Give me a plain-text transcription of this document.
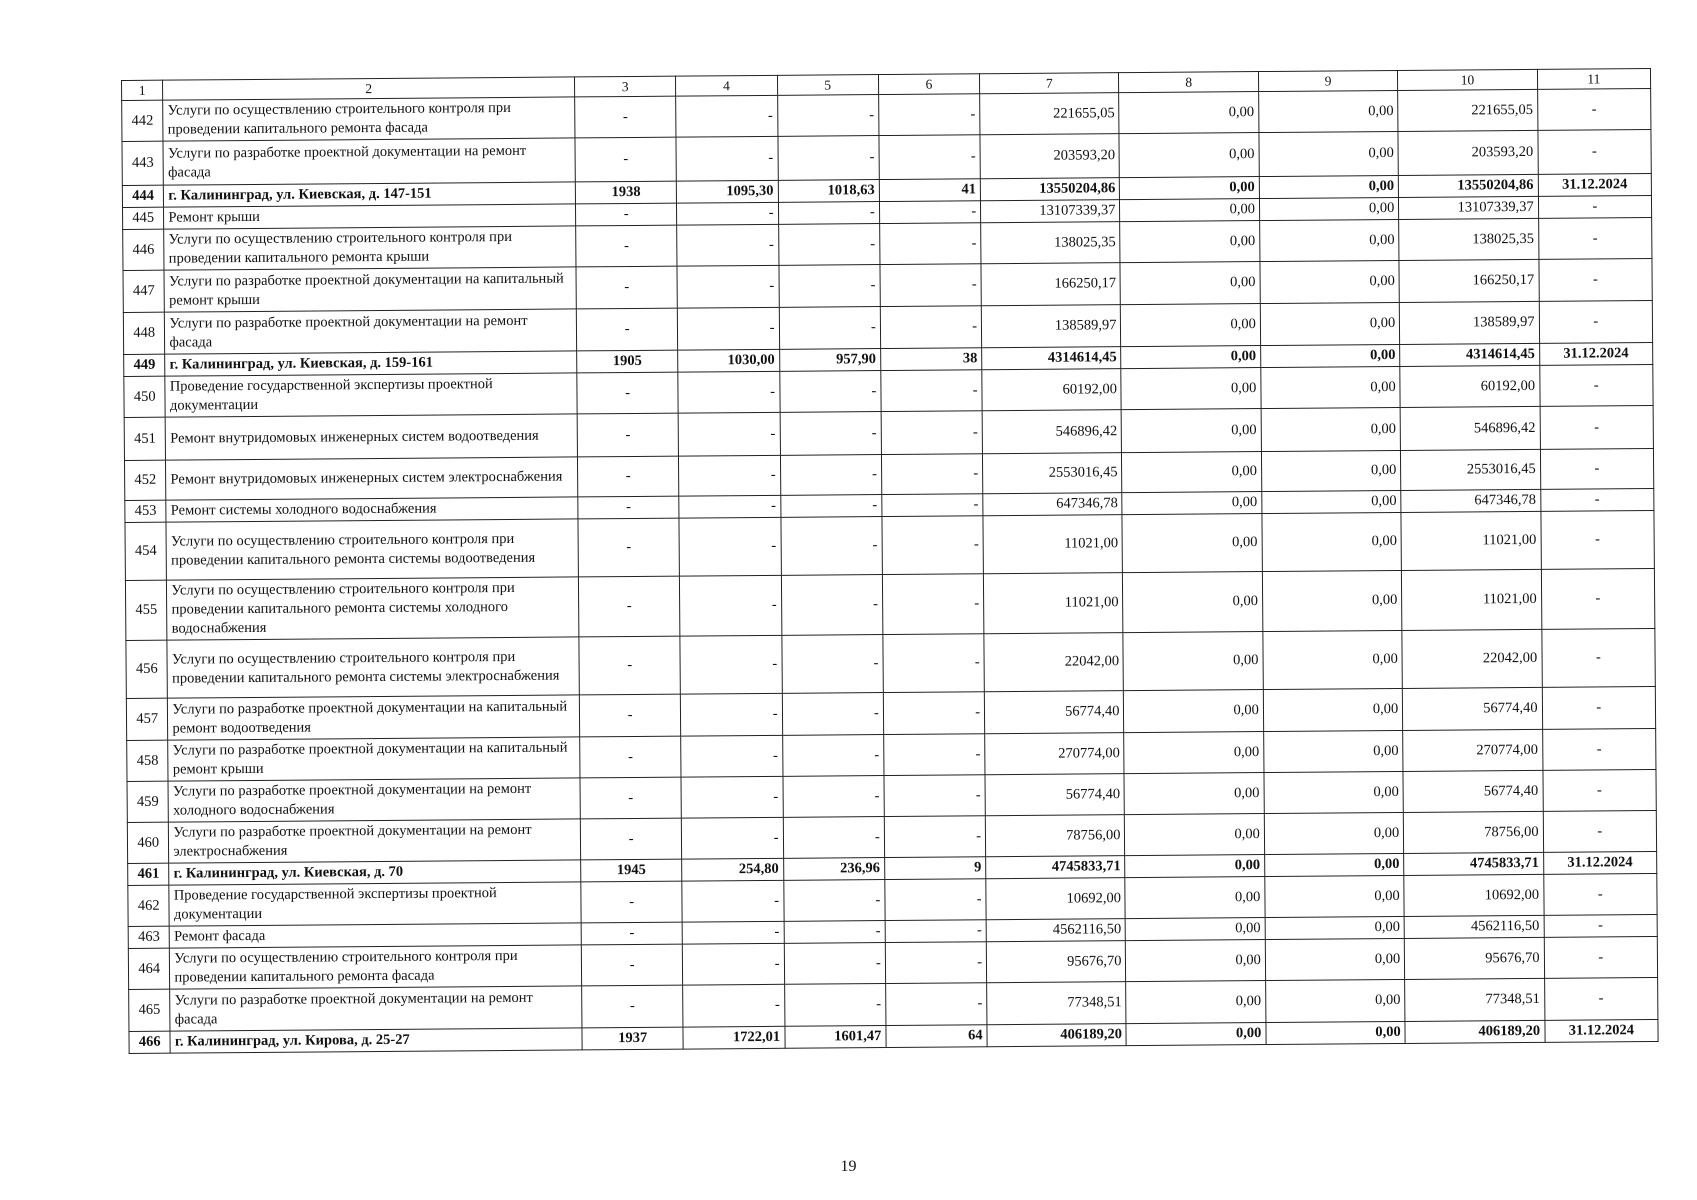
1	2	3	4	5	6	7	8	9	10	11
442	Услуги по осуществлению строительного контроля при проведении капитального ремонта фасада	-	-	-	-	221655,05	0,00	0,00	221655,05	-
443	Услуги по разработке проектной документации на ремонт фасада	-	-	-	-	203593,20	0,00	0,00	203593,20	-
444	г. Калининград, ул. Киевская, д. 147-151	1938	1095,30	1018,63	41	13550204,86	0,00	0,00	13550204,86	31.12.2024
445	Ремонт крыши	-	-	-	-	13107339,37	0,00	0,00	13107339,37	-
446	Услуги по осуществлению строительного контроля при проведении капитального ремонта крыши	-	-	-	-	138025,35	0,00	0,00	138025,35	-
447	Услуги по разработке проектной документации на капитальный ремонт крыши	-	-	-	-	166250,17	0,00	0,00	166250,17	-
448	Услуги по разработке проектной документации на ремонт фасада	-	-	-	-	138589,97	0,00	0,00	138589,97	-
449	г. Калининград, ул. Киевская, д. 159-161	1905	1030,00	957,90	38	4314614,45	0,00	0,00	4314614,45	31.12.2024
450	Проведение государственной экспертизы проектной документации	-	-	-	-	60192,00	0,00	0,00	60192,00	-
451	Ремонт внутридомовых инженерных систем водоотведения	-	-	-	-	546896,42	0,00	0,00	546896,42	-
452	Ремонт внутридомовых инженерных систем электроснабжения	-	-	-	-	2553016,45	0,00	0,00	2553016,45	-
453	Ремонт системы холодного водоснабжения	-	-	-	-	647346,78	0,00	0,00	647346,78	-
454	Услуги по осуществлению строительного контроля при проведении капитального ремонта системы водоотведения	-	-	-	-	11021,00	0,00	0,00	11021,00	-
455	Услуги по осуществлению строительного контроля при проведении капитального ремонта системы холодного водоснабжения	-	-	-	-	11021,00	0,00	0,00	11021,00	-
456	Услуги по осуществлению строительного контроля при проведении капитального ремонта системы электроснабжения	-	-	-	-	22042,00	0,00	0,00	22042,00	-
457	Услуги по разработке проектной документации на капитальный ремонт водоотведения	-	-	-	-	56774,40	0,00	0,00	56774,40	-
458	Услуги по разработке проектной документации на капитальный ремонт крыши	-	-	-	-	270774,00	0,00	0,00	270774,00	-
459	Услуги по разработке проектной документации на ремонт холодного водоснабжения	-	-	-	-	56774,40	0,00	0,00	56774,40	-
460	Услуги по разработке проектной документации на ремонт электроснабжения	-	-	-	-	78756,00	0,00	0,00	78756,00	-
461	г. Калининград, ул. Киевская, д. 70	1945	254,80	236,96	9	4745833,71	0,00	0,00	4745833,71	31.12.2024
462	Проведение государственной экспертизы проектной документации	-	-	-	-	10692,00	0,00	0,00	10692,00	-
463	Ремонт фасада	-	-	-	-	4562116,50	0,00	0,00	4562116,50	-
464	Услуги по осуществлению строительного контроля при проведении капитального ремонта фасада	-	-	-	-	95676,70	0,00	0,00	95676,70	-
465	Услуги по разработке проектной документации на ремонт фасада	-	-	-	-	77348,51	0,00	0,00	77348,51	-
466	г. Калининград, ул. Кирова, д. 25-27	1937	1722,01	1601,47	64	406189,20	0,00	0,00	406189,20	31.12.2024
19
